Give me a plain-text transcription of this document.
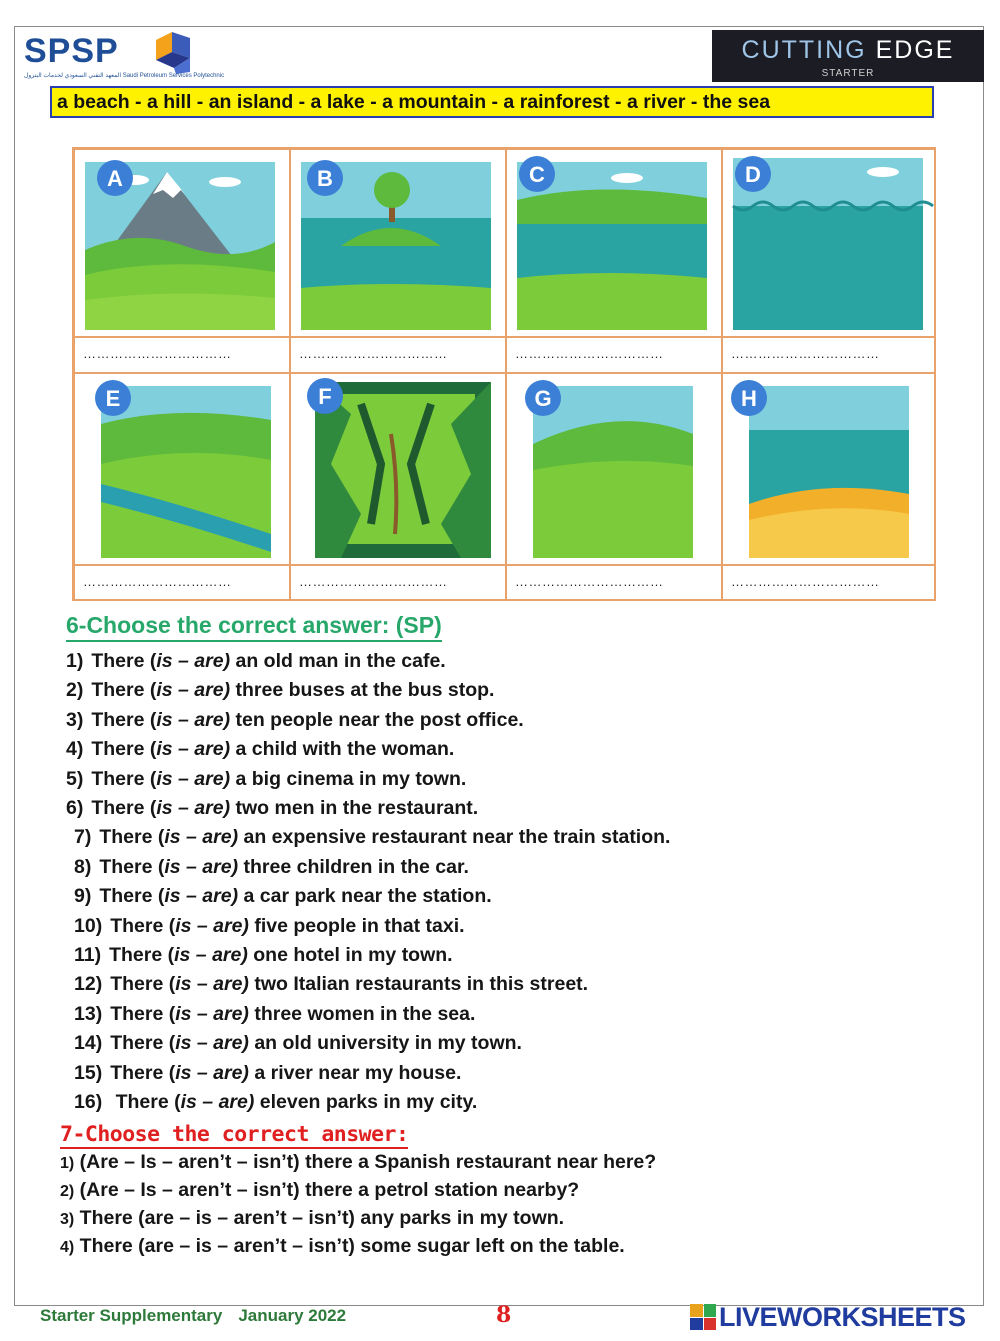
SPSP
المعهد التقني السعودي لخدمات البترول Saudi Petroleum Services Polytechnic
CUTTING EDGE
STARTER
a beach - a hill - an island - a lake - a mountain - a rainforest - a river - the sea
A	B	C	D
……………………………	……………………………	……………………………	……………………………
E	F	G	H
……………………………	……………………………	……………………………	……………………………
6-Choose the correct answer: (SP)
1) There (is – are) an old man in the cafe.
2) There (is – are) three buses at the bus stop.
3) There (is – are) ten people near the post office.
4) There (is – are) a child with the woman.
5) There (is – are) a big cinema in my town.
6) There (is – are) two men in the restaurant.
7) There (is – are) an expensive restaurant near the train station.
8) There (is – are) three children in the car.
9) There (is – are) a car park near the station.
10) There (is – are) five people in that taxi.
11) There (is – are) one hotel in my town.
12) There (is – are) two Italian restaurants in this street.
13) There (is – are) three women in the sea.
14) There (is – are) an old university in my town.
15) There (is – are) a river near my house.
16) There (is – are) eleven parks in my city.
7-Choose the correct answer:
1) (Are – Is – aren’t – isn’t) there a Spanish restaurant near here?
2) (Are – Is – aren’t – isn’t) there a petrol station nearby?
3) There (are – is – aren’t – isn’t) any parks in my town.
4) There (are – is – aren’t – isn’t) some sugar left on the table.
Starter Supplementary January 2022	8	LIVEWORKSHEETS
